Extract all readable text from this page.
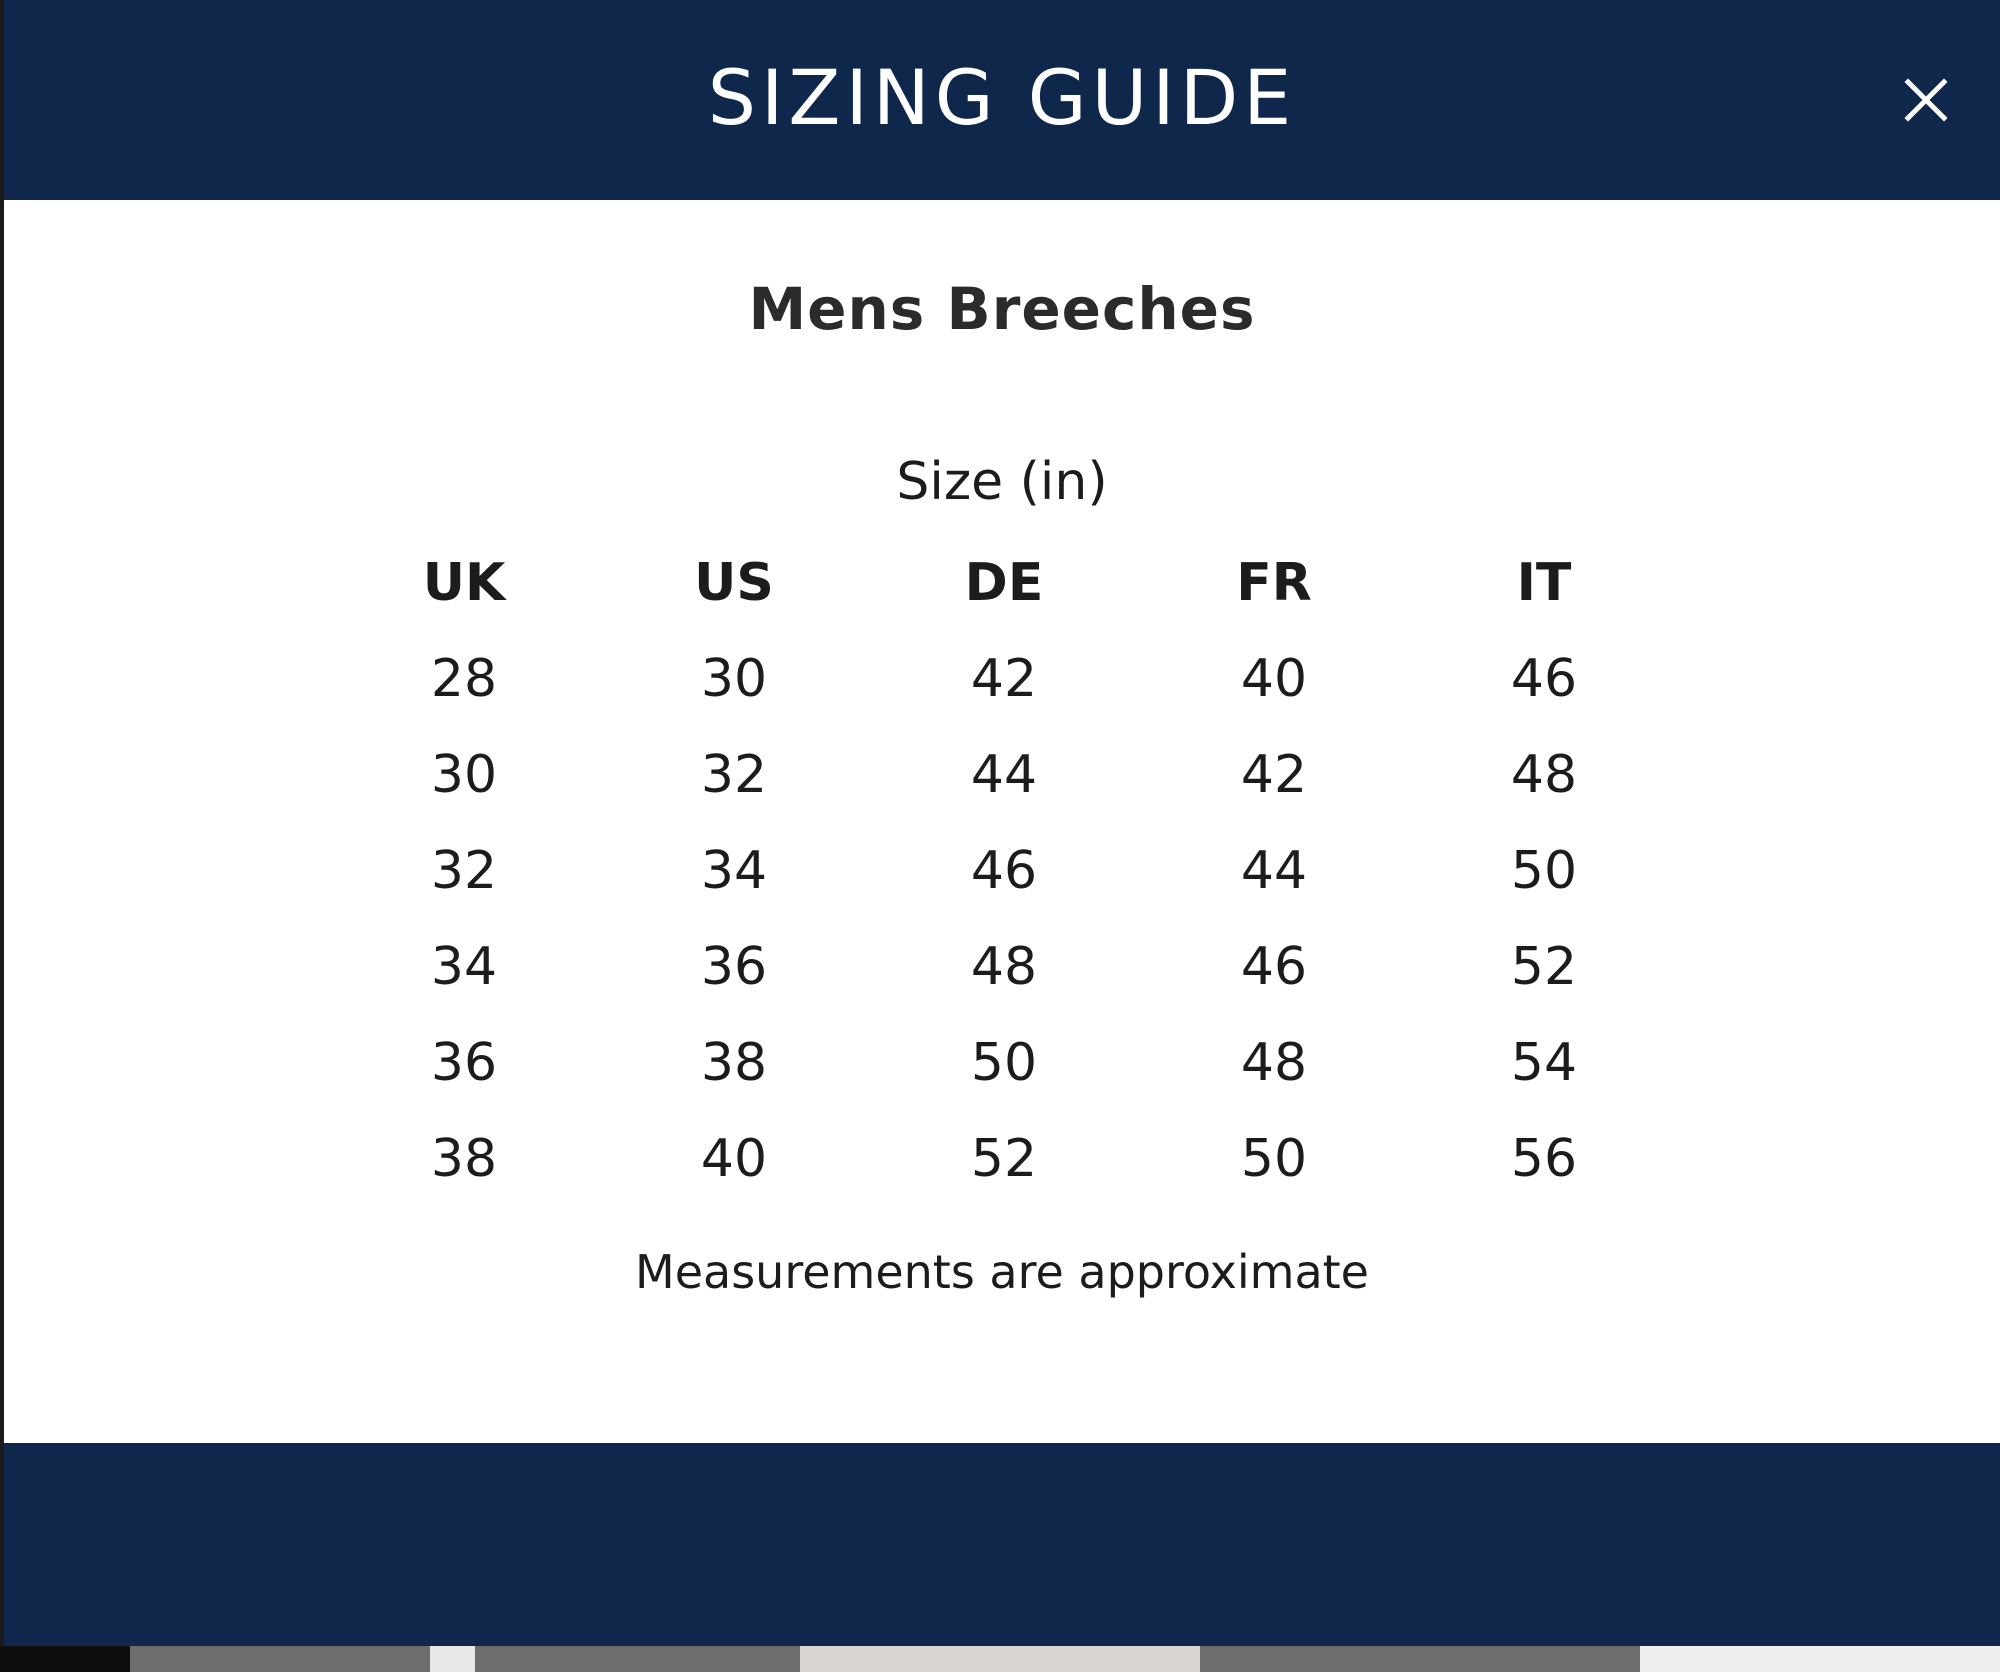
SIZING GUIDE
Mens Breeches
Size (in)
UK	US	DE	FR	IT
28	30	42	40	46
30	32	44	42	48
32	34	46	44	50
34	36	48	46	52
36	38	50	48	54
38	40	52	50	56
Measurements are approximate
